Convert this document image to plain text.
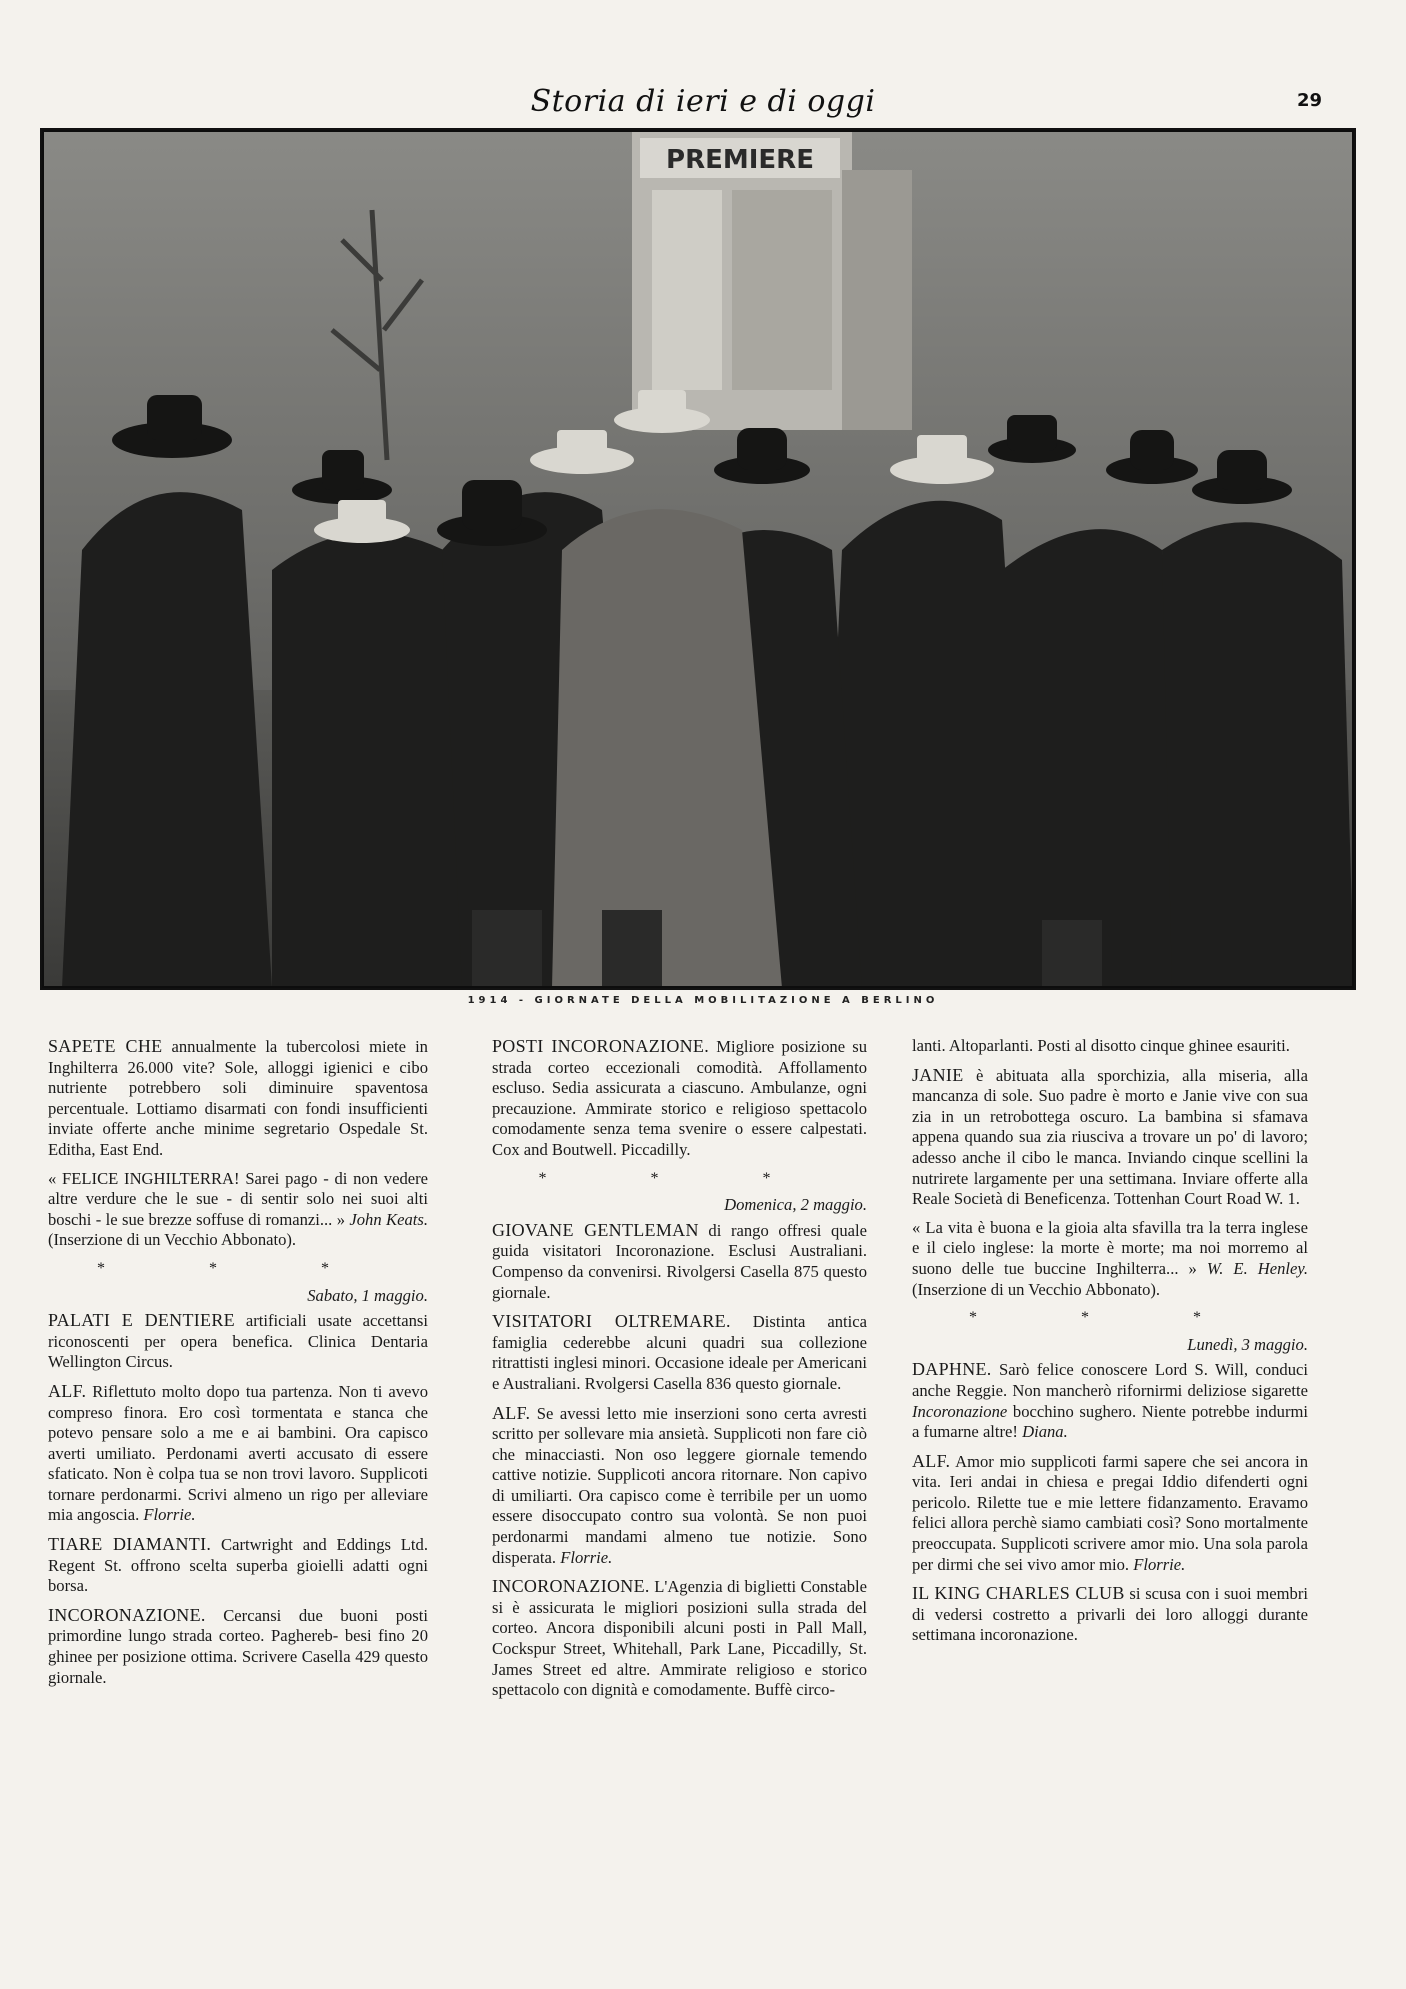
Storia di ieri e di oggi	29
PREMIERE
1914 - GIORNATE DELLA MOBILITAZIONE A BERLINO

SAPETE CHE annualmente la tubercolosi miete in Inghilterra 26.000 vite? Sole, alloggi igienici e cibo nutriente potrebbero soli diminuire spaventosa percentuale. Lottiamo disarmati con fondi insufficienti inviate offerte anche minime segretario Ospedale St. Editha, East End.

« FELICE INGHILTERRA! Sarei pago - di non vedere altre verdure che le sue - di sentir solo nei suoi alti boschi - le sue brezze soffuse di romanzi... » John Keats. (Inserzione di un Vecchio Abbonato).

* * *
Sabato, 1 maggio.

PALATI E DENTIERE artificiali usate accettansi riconoscenti per opera benefica. Clinica Dentaria Wellington Circus.

ALF. Riflettuto molto dopo tua partenza. Non ti avevo compreso finora. Ero così tormentata e stanca che potevo pensare solo a me e ai bambini. Ora capisco averti umiliato. Perdonami averti accusato di essere sfaticato. Non è colpa tua se non trovi lavoro. Supplicoti tornare perdonarmi. Scrivi almeno un rigo per alleviare mia angoscia. Florrie.

TIARE DIAMANTI. Cartwright and Eddings Ltd. Regent St. offrono scelta superba gioielli adatti ogni borsa.

INCORONAZIONE. Cercansi due buoni posti primordine lungo strada corteo. Paghereb- besi fino 20 ghinee per posizione ottima. Scrivere Casella 429 questo giornale.

POSTI INCORONAZIONE. Migliore posizione su strada corteo eccezionali comodità. Affollamento escluso. Sedia assicurata a ciascuno. Ambulanze, ogni precauzione. Ammirate storico e religioso spettacolo comodamente senza tema svenire o essere calpestati. Cox and Boutwell. Piccadilly.

* * *
Domenica, 2 maggio.

GIOVANE GENTLEMAN di rango offresi quale guida visitatori Incoronazione. Esclusi Australiani. Compenso da convenirsi. Rivolgersi Casella 875 questo giornale.

VISITATORI OLTREMARE. Distinta antica famiglia cederebbe alcuni quadri sua collezione ritrattisti inglesi minori. Occasione ideale per Americani e Australiani. Rvolgersi Casella 836 questo giornale.

ALF. Se avessi letto mie inserzioni sono certa avresti scritto per sollevare mia ansietà. Supplicoti non fare ciò che minacciasti. Non oso leggere giornale temendo cattive notizie. Supplicoti ancora ritornare. Non capivo di umiliarti. Ora capisco come è terribile per un uomo essere disoccupato contro sua volontà. Se non puoi perdonarmi mandami almeno tue notizie. Sono disperata. Florrie.

INCORONAZIONE. L'Agenzia di biglietti Constable si è assicurata le migliori posizioni sulla strada del corteo. Ancora disponibili alcuni posti in Pall Mall, Cockspur Street, Whitehall, Park Lane, Piccadilly, St. James Street ed altre. Ammirate religioso e storico spettacolo con dignità e comodamente. Buffè circo-

lanti. Altoparlanti. Posti al disotto cinque ghinee esauriti.

JANIE è abituata alla sporchizia, alla miseria, alla mancanza di sole. Suo padre è morto e Janie vive con sua zia in un retrobottega oscuro. La bambina si sfamava appena quando sua zia riusciva a trovare un po' di lavoro; adesso anche il cibo le manca. Inviando cinque scellini la nutrirete largamente per una settimana. Inviare offerte alla Reale Società di Beneficenza. Tottenhan Court Road W. 1.

« La vita è buona e la gioia alta sfavilla tra la terra inglese e il cielo inglese: la morte è morte; ma noi morremo al suono delle tue buccine Inghilterra... » W. E. Henley. (Inserzione di un Vecchio Abbonato).

* * *
Lunedì, 3 maggio.

DAPHNE. Sarò felice conoscere Lord S. Will, conduci anche Reggie. Non mancherò rifornirmi deliziose sigarette Incoronazione bocchino sughero. Niente potrebbe indurmi a fumarne altre! Diana.

ALF. Amor mio supplicoti farmi sapere che sei ancora in vita. Ieri andai in chiesa e pregai Iddio difenderti ogni pericolo. Rilette tue e mie lettere fidanzamento. Eravamo felici allora perchè siamo cambiati così? Sono mortalmente preoccupata. Supplicoti scrivere amor mio. Una sola parola per dirmi che sei vivo amor mio. Florrie.

IL KING CHARLES CLUB si scusa con i suoi membri di vedersi costretto a privarli dei loro alloggi durante settimana incoronazione.
